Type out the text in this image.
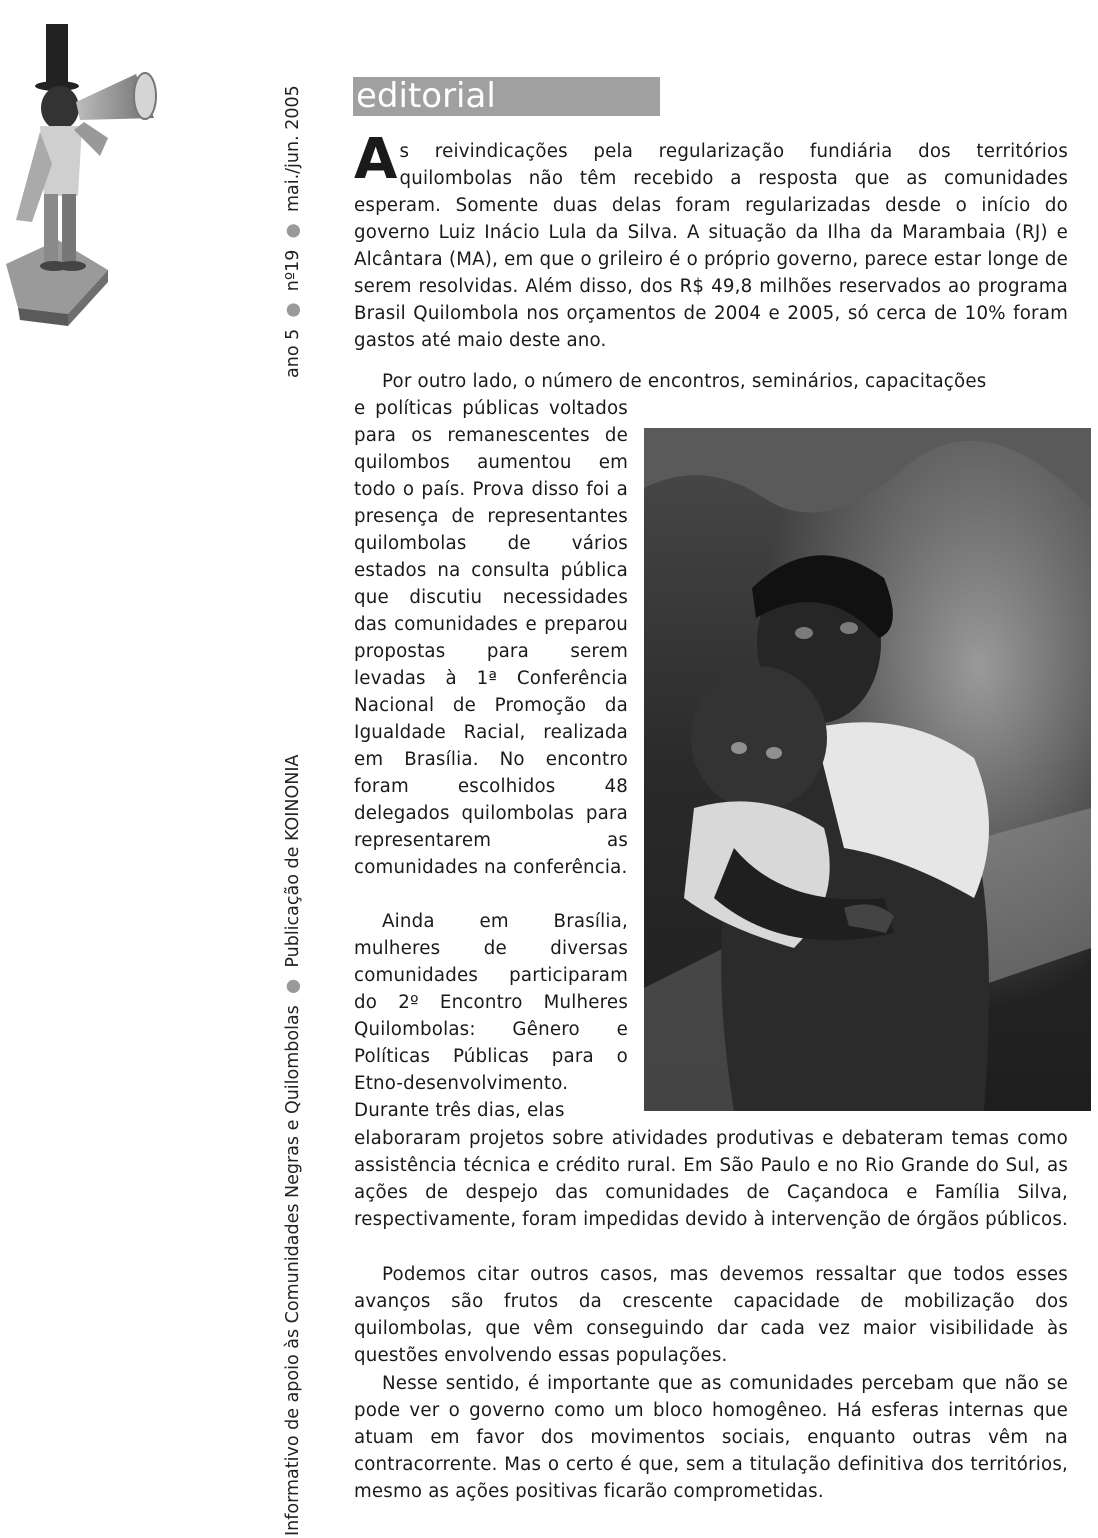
ano 5  ●  nº19  ●  mai./jun. 2005
Informativo de apoio às Comunidades Negras e Quilombolas  ●  Publicação de KOINONIA
editorial

As reivindicações pela regularização fundiária dos territórios quilombolas não têm recebido a resposta que as comunidades esperam. Somente duas delas foram regularizadas desde o início do governo Luiz Inácio Lula da Silva. A situação da Ilha da Marambaia (RJ) e Alcântara (MA), em que o grileiro é o próprio governo, parece estar longe de serem resolvidas. Além disso, dos R$ 49,8 milhões reservados ao programa Brasil Quilombola nos orçamentos de 2004 e 2005, só cerca de 10% foram gastos até maio deste ano.

Por outro lado, o número de encontros, seminários, capacitações

e políticas públicas voltados para os remanescentes de quilombos aumentou em todo o país. Prova disso foi a presença de representantes quilombolas de vários estados na consulta pública que discutiu necessidades das comunidades e preparou propostas para serem levadas à 1ª Conferência Nacional de Promoção da Igualdade Racial, realizada em Brasília. No encontro foram escolhidos 48 delegados quilombolas para representarem as comunidades na conferência.

Ainda em Brasília, mulheres de diversas comunidades participaram do 2º Encontro Mulheres Quilombolas: Gênero e Políticas Públicas para o Etno-desenvolvimento. Durante três dias, elas

elaboraram projetos sobre atividades produtivas e debateram temas como assistência técnica e crédito rural. Em São Paulo e no Rio Grande do Sul, as ações de despejo das comunidades de Caçandoca e Família Silva, respectivamente, foram impedidas devido à intervenção de órgãos públicos.

Podemos citar outros casos, mas devemos ressaltar que todos esses avanços são frutos da crescente capacidade de mobilização dos quilombolas, que vêm conseguindo dar cada vez maior visibilidade às questões envolvendo essas populações.

Nesse sentido, é importante que as comunidades percebam que não se pode ver o governo como um bloco homogêneo. Há esferas internas que atuam em favor dos movimentos sociais, enquanto outras vêm na contracorrente. Mas o certo é que, sem a titulação definitiva dos territórios, mesmo as ações positivas ficarão comprometidas.
